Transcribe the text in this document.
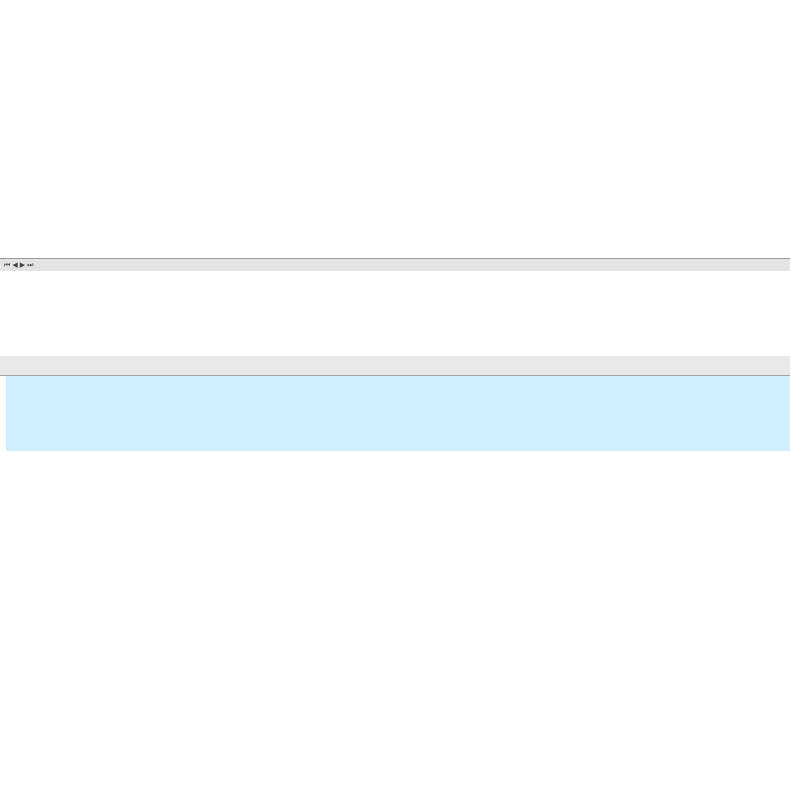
⏮ ◀ ▶ ⏭
